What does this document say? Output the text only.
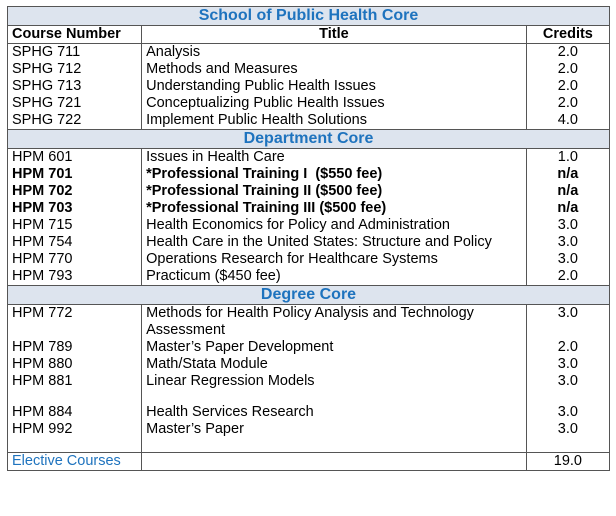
School of Public Health Core		
Course Number	Title	Credits
SPHG 711	Analysis	2.0
SPHG 712	Methods and Measures	2.0
SPHG 713	Understanding Public Health Issues	2.0
SPHG 721	Conceptualizing Public Health Issues	2.0
SPHG 722	Implement Public Health Solutions	4.0
Department Core		
HPM 601	Issues in Health Care	1.0
HPM 701	*Professional Training I  ($550 fee)	n/a
HPM 702	*Professional Training II ($500 fee)	n/a
HPM 703	*Professional Training III ($500 fee)	n/a
HPM 715	Health Economics for Policy and Administration	3.0
HPM 754	Health Care in the United States: Structure and Policy	3.0
HPM 770	Operations Research for Healthcare Systems	3.0
HPM 793	Practicum ($450 fee)	2.0
Degree Core		
HPM 772	Methods for Health Policy Analysis and Technology Assessment	3.0
HPM 789	Master’s Paper Development	2.0
HPM 880	Math/Stata Module	3.0
HPM 881	Linear Regression Models	3.0

HPM 884	Health Services Research	3.0
HPM 992	Master’s Paper	3.0

Elective Courses		19.0
